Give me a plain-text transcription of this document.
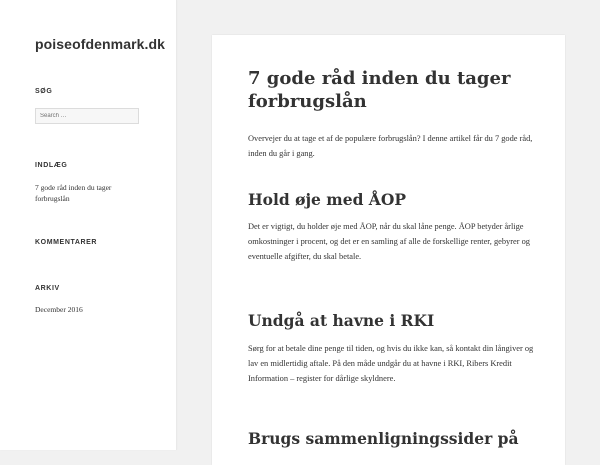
poiseofdenmark.dk
SØG
Search …
INDLÆG
7 gode råd inden du tager forbrugslån
KOMMENTARER
ARKIV
December 2016
7 gode råd inden du tager forbrugslån

Overvejer du at tage et af de populære forbrugslån? I denne artikel får du 7 gode råd, inden du går i gang.

Hold øje med ÅOP

Det er vigtigt, du holder øje med ÅOP, når du skal låne penge. ÅOP betyder årlige omkostninger i procent, og det er en samling af alle de forskellige renter, gebyrer og eventuelle afgifter, du skal betale.

Undgå at havne i RKI

Sørg for at betale dine penge til tiden, og hvis du ikke kan, så kontakt din långiver og lav en midlertidig aftale. På den måde undgår du at havne i RKI, Ribers Kredit Information – register for dårlige skyldnere.

Brugs sammenligningssider på
